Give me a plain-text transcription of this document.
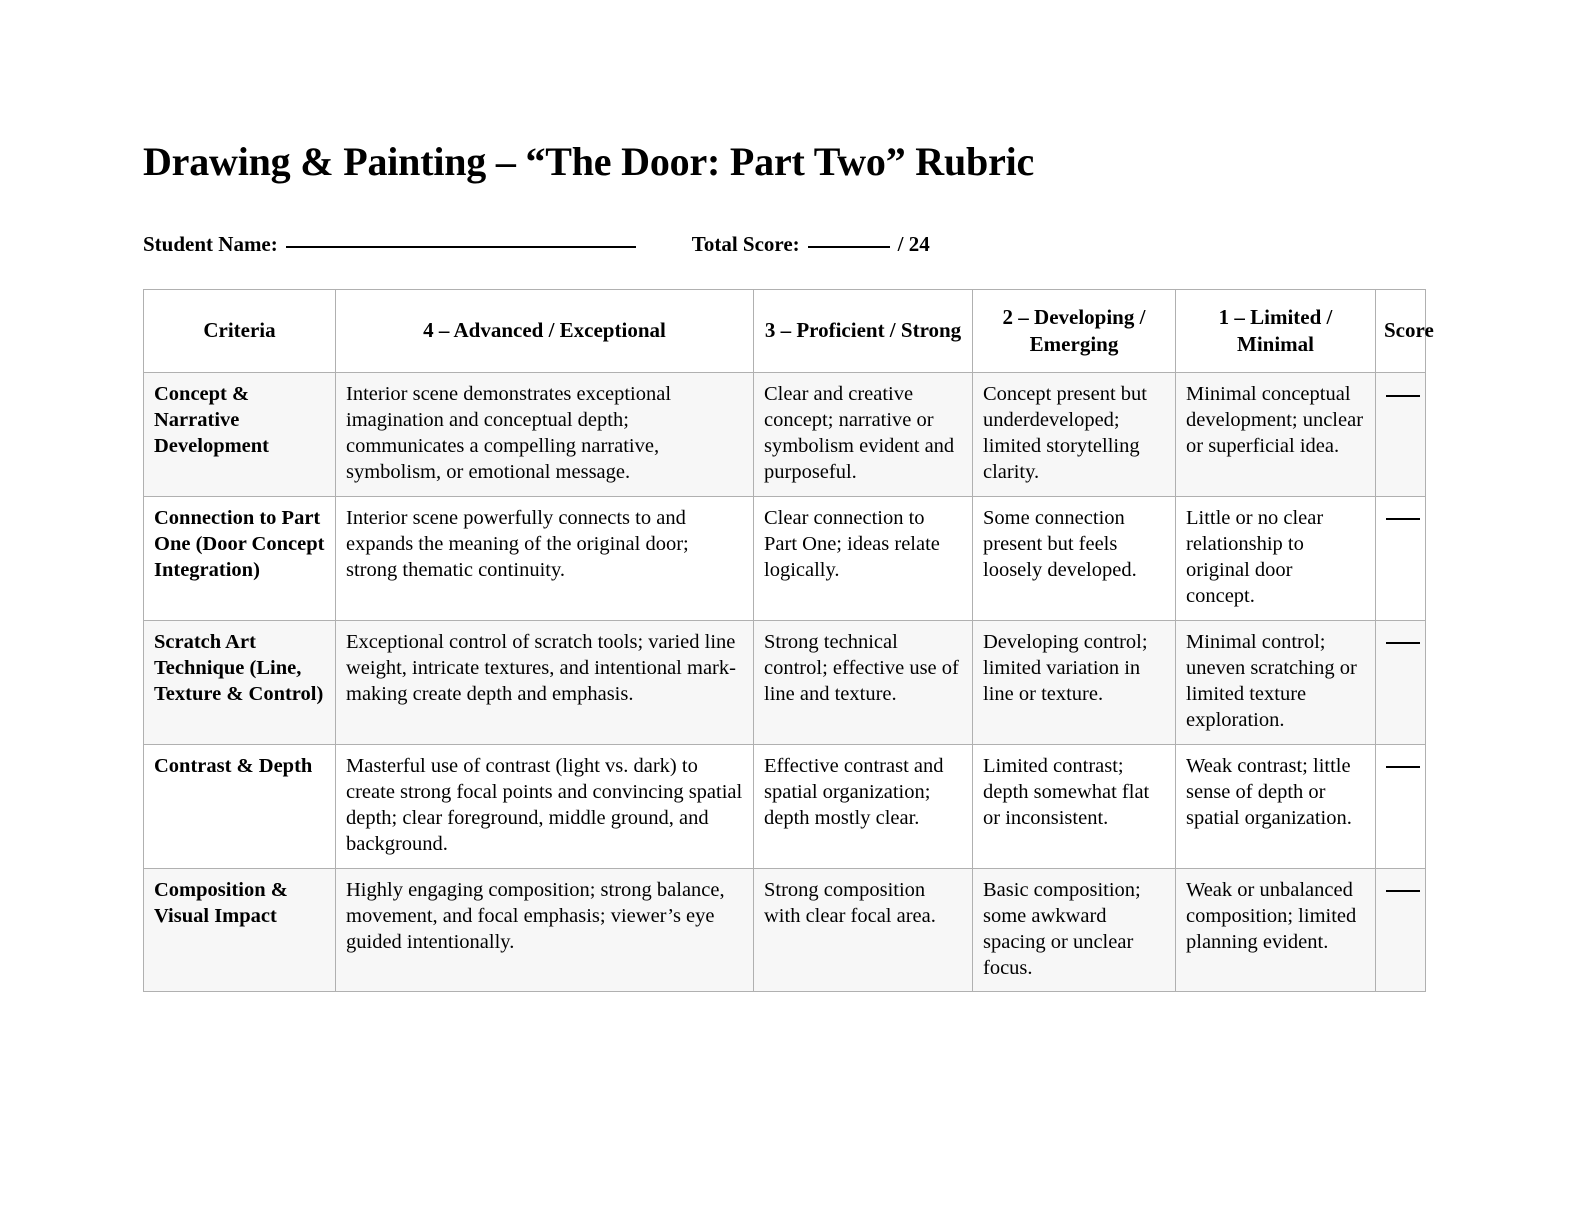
Drawing & Painting – “The Door: Part Two” Rubric
Student Name:	Total Score:	/ 24
Criteria	4 – Advanced / Exceptional	3 – Proficient / Strong	2 – Developing / Emerging	1 – Limited / Minimal	Score
Concept & Narrative Development	Interior scene demonstrates exceptional imagination and conceptual depth; communicates a compelling narrative, symbolism, or emotional message.	Clear and creative concept; narrative or symbolism evident and purposeful.	Concept present but underdeveloped; limited storytelling clarity.	Minimal conceptual development; unclear or superficial idea.	
Connection to Part One (Door Concept Integration)	Interior scene powerfully connects to and expands the meaning of the original door; strong thematic continuity.	Clear connection to Part One; ideas relate logically.	Some connection present but feels loosely developed.	Little or no clear relationship to original door concept.	
Scratch Art Technique (Line, Texture & Control)	Exceptional control of scratch tools; varied line weight, intricate textures, and intentional mark-making create depth and emphasis.	Strong technical control; effective use of line and texture.	Developing control; limited variation in line or texture.	Minimal control; uneven scratching or limited texture exploration.	
Contrast & Depth	Masterful use of contrast (light vs. dark) to create strong focal points and convincing spatial depth; clear foreground, middle ground, and background.	Effective contrast and spatial organization; depth mostly clear.	Limited contrast; depth somewhat flat or inconsistent.	Weak contrast; little sense of depth or spatial organization.	
Composition & Visual Impact	Highly engaging composition; strong balance, movement, and focal emphasis; viewer’s eye guided intentionally.	Strong composition with clear focal area.	Basic composition; some awkward spacing or unclear focus.	Weak or unbalanced composition; limited planning evident.	
